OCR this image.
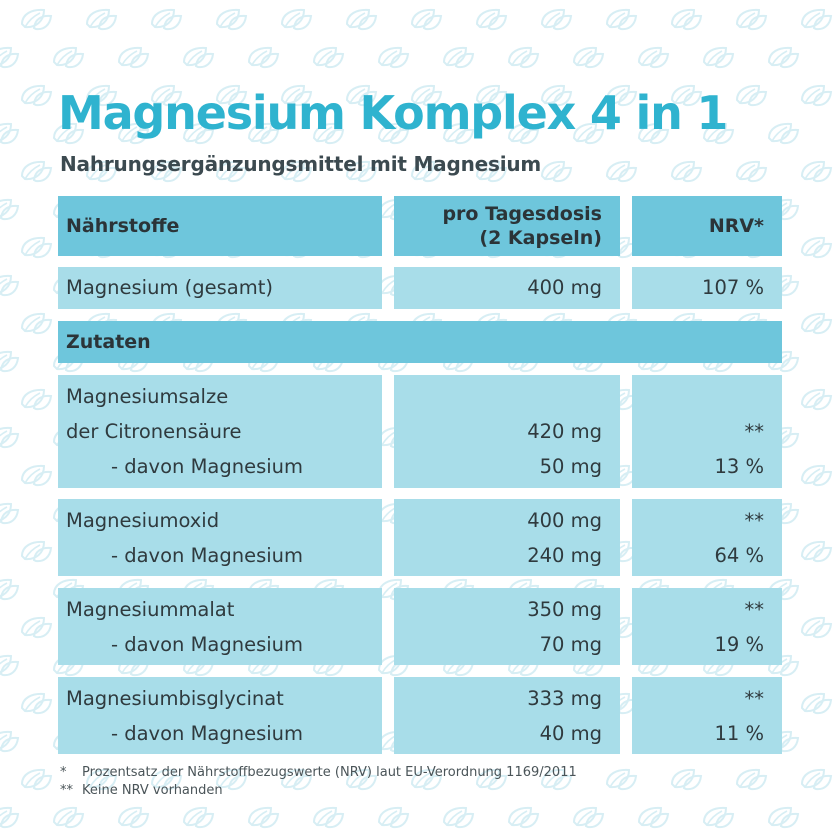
Magnesium Komplex 4 in 1
Nahrungsergänzungsmittel mit Magnesium
Nährstoffe
pro Tagesdosis
(2 Kapseln)
NRV*
Magnesium (gesamt)	400 mg	107 %
Zutaten
Magnesiumsalze
der Citronensäure
- davon Magnesium
420 mg
50 mg
**
13 %
Magnesiumoxid
- davon Magnesium
400 mg
240 mg
**
64 %
Magnesiummalat
- davon Magnesium
350 mg
70 mg
**
19 %
Magnesiumbisglycinat
- davon Magnesium
333 mg
40 mg
**
11 %
* Prozentsatz der Nährstoffbezugswerte (NRV) laut EU-Verordnung 1169/2011
** Keine NRV vorhanden
